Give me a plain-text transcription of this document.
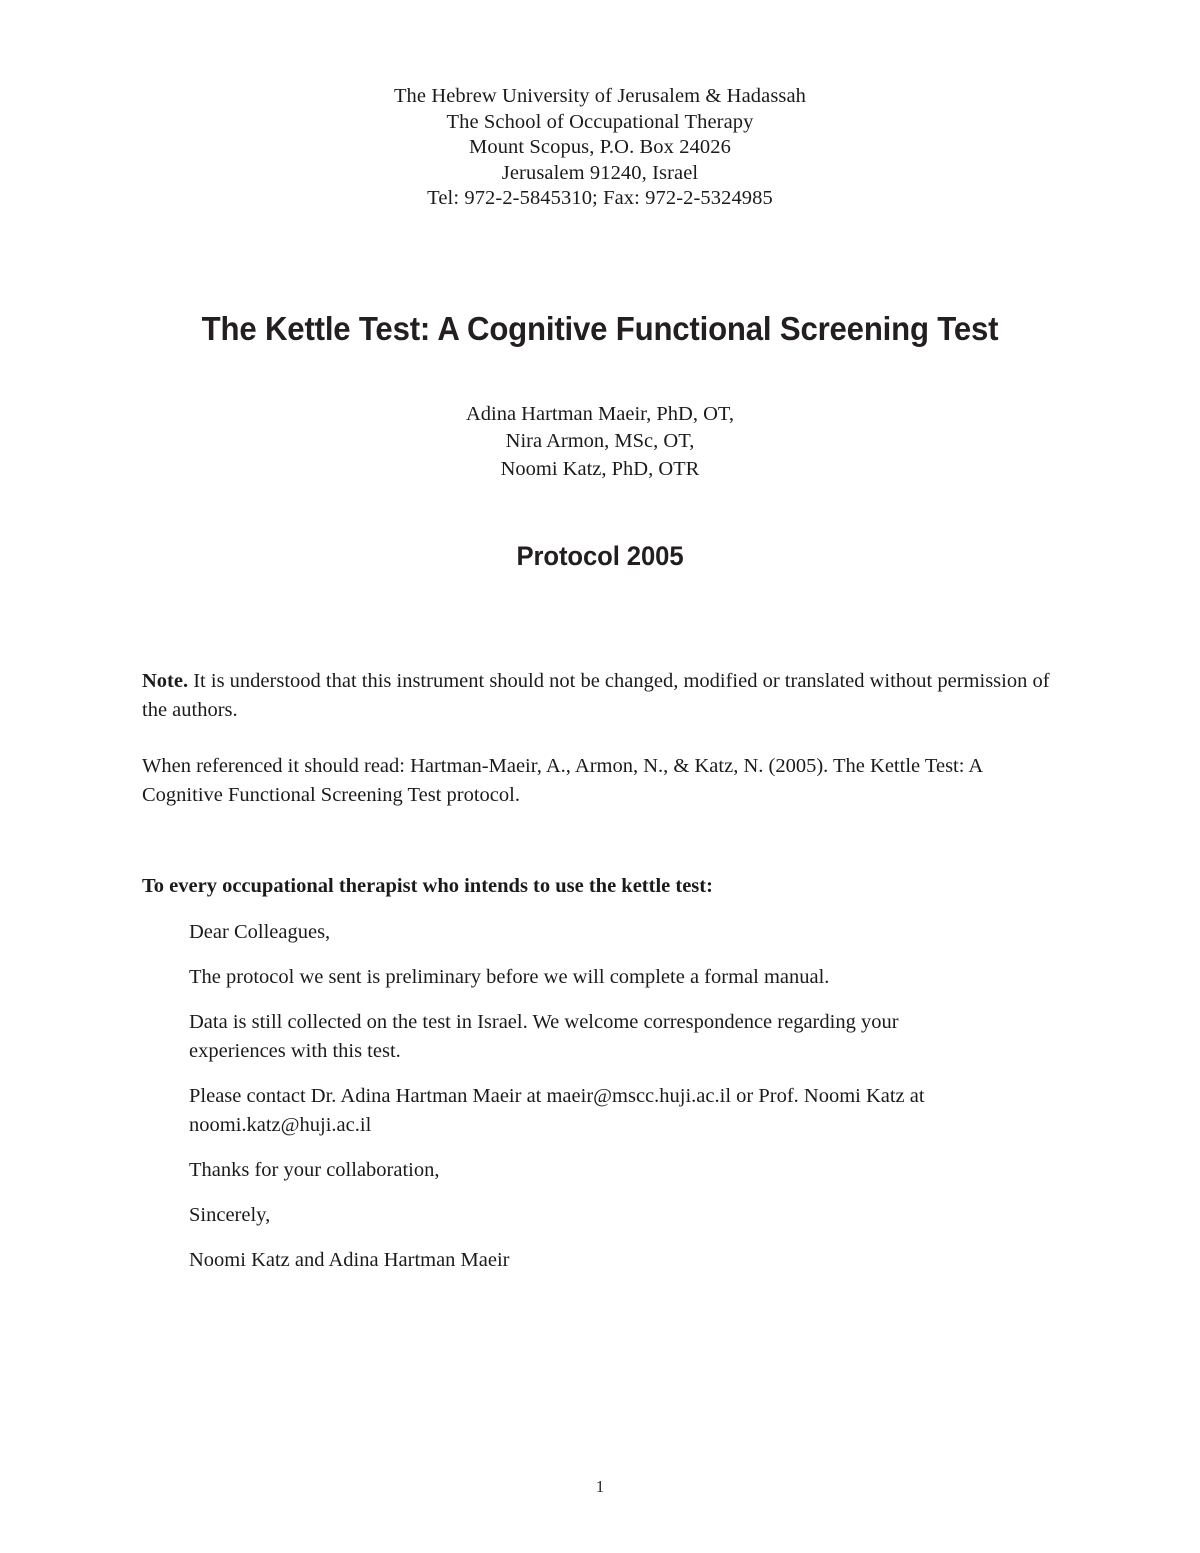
The Hebrew University of Jerusalem & Hadassah
The School of Occupational Therapy
Mount Scopus, P.O. Box 24026
Jerusalem 91240, Israel
Tel: 972-2-5845310; Fax: 972-2-5324985
The Kettle Test: A Cognitive Functional Screening Test
Adina Hartman Maeir, PhD, OT,
Nira Armon, MSc, OT,
Noomi Katz, PhD, OTR
Protocol 2005

Note. It is understood that this instrument should not be changed, modified or translated without permission of the authors.

When referenced it should read: Hartman-Maeir, A., Armon, N., & Katz, N. (2005). The Kettle Test: A Cognitive Functional Screening Test protocol.

To every occupational therapist who intends to use the kettle test:

Dear Colleagues,

The protocol we sent is preliminary before we will complete a formal manual.

Data is still collected on the test in Israel. We welcome correspondence regarding your experiences with this test.

Please contact Dr. Adina Hartman Maeir at maeir@mscc.huji.ac.il or Prof. Noomi Katz at noomi.katz@huji.ac.il

Thanks for your collaboration,

Sincerely,

Noomi Katz and Adina Hartman Maeir

1
